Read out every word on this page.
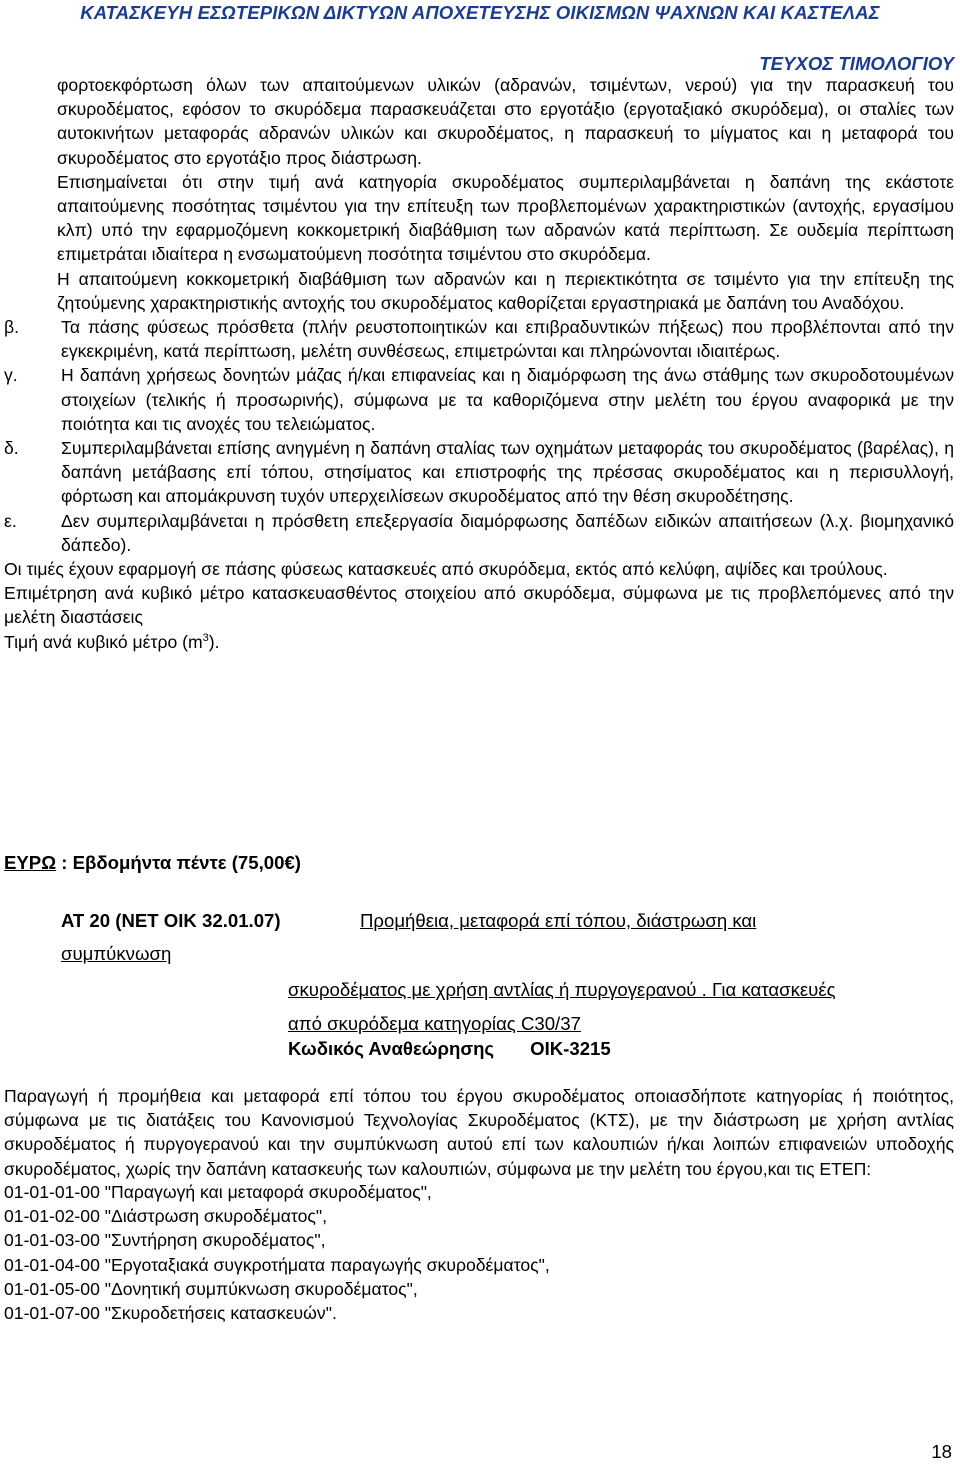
ΚΑΤΑΣΚΕΥΗ ΕΣΩΤΕΡΙΚΩΝ ΔΙΚΤΥΩΝ ΑΠΟΧΕΤΕΥΣΗΣ ΟΙΚΙΣΜΩΝ ΨΑΧΝΩΝ ΚΑΙ ΚΑΣΤΕΛΑΣ
ΤΕΥΧΟΣ ΤΙΜΟΛΟΓΙΟΥ

φορτοεκφόρτωση όλων των απαιτούμενων υλικών (αδρανών, τσιμέντων, νερού) για την παρασκευή του σκυροδέματος, εφόσον το σκυρόδεμα παρασκευάζεται στο εργοτάξιο (εργοταξιακό σκυρόδεμα), οι σταλίες των αυτοκινήτων μεταφοράς αδρανών υλικών και σκυροδέματος, η παρασκευή το μίγματος και η μεταφορά του σκυροδέματος στο εργοτάξιο προς διάστρωση.

Επισημαίνεται ότι στην τιμή ανά κατηγορία σκυροδέματος συμπεριλαμβάνεται η δαπάνη της εκάστοτε απαιτούμενης ποσότητας τσιμέντου για την επίτευξη των προβλεπομένων χαρακτηριστικών (αντοχής, εργασίμου κλπ) υπό την εφαρμοζόμενη κοκκομετρική διαβάθμιση των αδρανών κατά περίπτωση. Σε ουδεμία περίπτωση επιμετράται ιδιαίτερα η ενσωματούμενη ποσότητα τσιμέντου στο σκυρόδεμα.

Η απαιτούμενη κοκκομετρική διαβάθμιση των αδρανών και η περιεκτικότητα σε τσιμέντο για την επίτευξη της ζητούμενης χαρακτηριστικής αντοχής του σκυροδέματος καθορίζεται εργαστηριακά με δαπάνη του Αναδόχου.

β.	Τα πάσης φύσεως πρόσθετα (πλήν ρευστοποιητικών και επιβραδυντικών πήξεως) που προβλέπονται από την εγκεκριμένη, κατά περίπτωση, μελέτη συνθέσεως, επιμετρώνται και πληρώνονται ιδιαιτέρως.

γ.	Η δαπάνη χρήσεως δονητών μάζας ή/και επιφανείας και η διαμόρφωση της άνω στάθμης των σκυροδοτουμένων στοιχείων (τελικής ή προσωρινής), σύμφωνα με τα καθοριζόμενα στην μελέτη του έργου αναφορικά με την ποιότητα και τις ανοχές του τελειώματος.

δ.	Συμπεριλαμβάνεται επίσης ανηγμένη η δαπάνη σταλίας των οχημάτων μεταφοράς του σκυροδέματος (βαρέλας), η δαπάνη μετάβασης επί τόπου, στησίματος και επιστροφής της πρέσσας σκυροδέματος και η περισυλλογή, φόρτωση και απομάκρυνση τυχόν υπερχειλίσεων σκυροδέματος από την θέση σκυροδέτησης.

ε.	Δεν συμπεριλαμβάνεται η πρόσθετη επεξεργασία διαμόρφωσης δαπέδων ειδικών απαιτήσεων (λ.χ. βιομηχανικό δάπεδο).

Οι τιμές έχουν εφαρμογή σε πάσης φύσεως κατασκευές από σκυρόδεμα, εκτός από κελύφη, αψίδες και τρούλους.

Επιμέτρηση ανά κυβικό μέτρο κατασκευασθέντος στοιχείου από σκυρόδεμα, σύμφωνα με τις προβλεπόμενες από την μελέτη διαστάσεις

Τιμή ανά κυβικό μέτρο $(m^3)$.

ΕΥΡΩ : Εβδομήντα πέντε (75,00€)
ΑΤ 20 (ΝΕΤ ΟΙΚ 32.01.07)	Προμήθεια, μεταφορά επί τόπου, διάστρωση και
συμπύκνωση
σκυροδέματος με χρήση αντλίας ή πυργογερανού . Για κατασκευές
από σκυρόδεμα κατηγορίας C30/37
Κωδικός Αναθεώρησης ΟΙΚ-3215

Παραγωγή ή προμήθεια και μεταφορά επί τόπου του έργου σκυροδέματος οποιασδήποτε κατηγορίας ή ποιότητος, σύμφωνα με τις διατάξεις του Κανονισμού Τεχνολογίας Σκυροδέματος (ΚΤΣ), με την διάστρωση με χρήση αντλίας σκυροδέματος ή πυργογερανού και την συμπύκνωση αυτού επί των καλουπιών ή/και λοιπών επιφανειών υποδοχής σκυροδέματος, χωρίς την δαπάνη κατασκευής των καλουπιών, σύμφωνα με την μελέτη του έργου,και τις ΕΤΕΠ:

01-01-01-00 "Παραγωγή και μεταφορά σκυροδέματος",

01-01-02-00 "Διάστρωση σκυροδέματος",

01-01-03-00 "Συντήρηση σκυροδέματος",

01-01-04-00 "Εργοταξιακά συγκροτήματα παραγωγής σκυροδέματος",

01-01-05-00 "Δονητική συμπύκνωση σκυροδέματος",

01-01-07-00 "Σκυροδετήσεις κατασκευών".

18
